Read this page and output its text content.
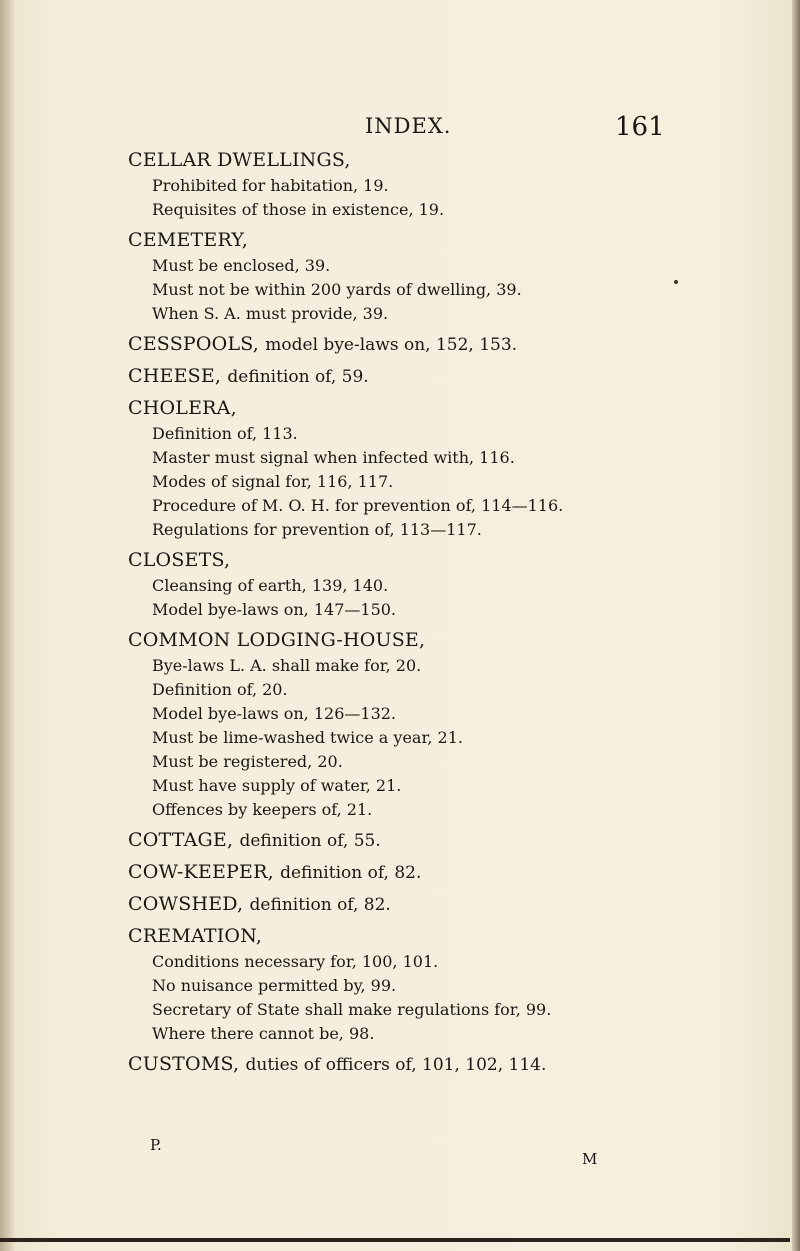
INDEX.	161
CELLAR DWELLINGS,
Prohibited for habitation, 19.
Requisites of those in existence, 19.
CEMETERY,
Must be enclosed, 39.
Must not be within 200 yards of dwelling, 39.
When S. A. must provide, 39.
CESSPOOLS, model bye-laws on, 152, 153.
CHEESE, definition of, 59.
CHOLERA,
Definition of, 113.
Master must signal when infected with, 116.
Modes of signal for, 116, 117.
Procedure of M. O. H. for prevention of, 114—116.
Regulations for prevention of, 113—117.
CLOSETS,
Cleansing of earth, 139, 140.
Model bye-laws on, 147—150.
COMMON LODGING-HOUSE,
Bye-laws L. A. shall make for, 20.
Definition of, 20.
Model bye-laws on, 126—132.
Must be lime-washed twice a year, 21.
Must be registered, 20.
Must have supply of water, 21.
Offences by keepers of, 21.
COTTAGE, definition of, 55.
COW-KEEPER, definition of, 82.
COWSHED, definition of, 82.
CREMATION,
Conditions necessary for, 100, 101.
No nuisance permitted by, 99.
Secretary of State shall make regulations for, 99.
Where there cannot be, 98.
CUSTOMS, duties of officers of, 101, 102, 114.
P.
M
